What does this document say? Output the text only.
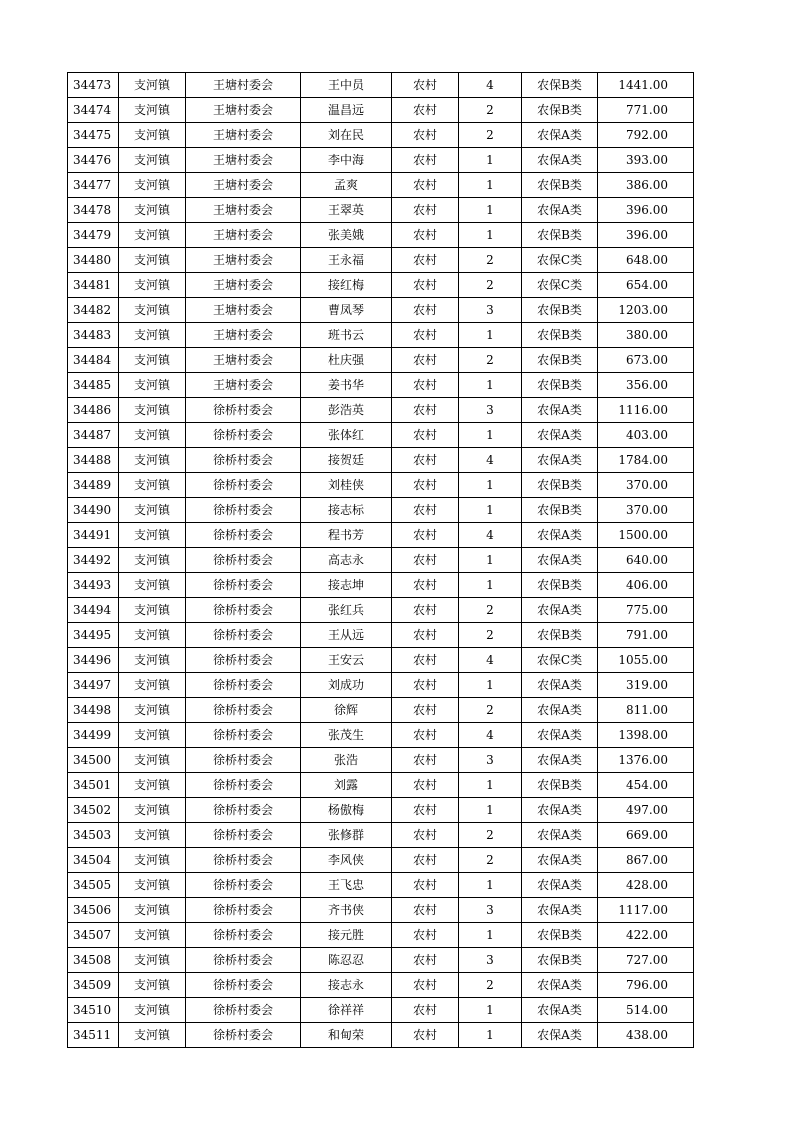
34473	支河镇	王塘村委会	王中员	农村	4	农保B类	1441.00
34474	支河镇	王塘村委会	温昌远	农村	2	农保B类	771.00
34475	支河镇	王塘村委会	刘在民	农村	2	农保A类	792.00
34476	支河镇	王塘村委会	李中海	农村	1	农保A类	393.00
34477	支河镇	王塘村委会	孟爽	农村	1	农保B类	386.00
34478	支河镇	王塘村委会	王翠英	农村	1	农保A类	396.00
34479	支河镇	王塘村委会	张美娥	农村	1	农保B类	396.00
34480	支河镇	王塘村委会	王永福	农村	2	农保C类	648.00
34481	支河镇	王塘村委会	接红梅	农村	2	农保C类	654.00
34482	支河镇	王塘村委会	曹凤琴	农村	3	农保B类	1203.00
34483	支河镇	王塘村委会	班书云	农村	1	农保B类	380.00
34484	支河镇	王塘村委会	杜庆强	农村	2	农保B类	673.00
34485	支河镇	王塘村委会	姜书华	农村	1	农保B类	356.00
34486	支河镇	徐桥村委会	彭浩英	农村	3	农保A类	1116.00
34487	支河镇	徐桥村委会	张体红	农村	1	农保A类	403.00
34488	支河镇	徐桥村委会	接贺廷	农村	4	农保A类	1784.00
34489	支河镇	徐桥村委会	刘桂侠	农村	1	农保B类	370.00
34490	支河镇	徐桥村委会	接志标	农村	1	农保B类	370.00
34491	支河镇	徐桥村委会	程书芳	农村	4	农保A类	1500.00
34492	支河镇	徐桥村委会	高志永	农村	1	农保A类	640.00
34493	支河镇	徐桥村委会	接志坤	农村	1	农保B类	406.00
34494	支河镇	徐桥村委会	张红兵	农村	2	农保A类	775.00
34495	支河镇	徐桥村委会	王从远	农村	2	农保B类	791.00
34496	支河镇	徐桥村委会	王安云	农村	4	农保C类	1055.00
34497	支河镇	徐桥村委会	刘成功	农村	1	农保A类	319.00
34498	支河镇	徐桥村委会	徐辉	农村	2	农保A类	811.00
34499	支河镇	徐桥村委会	张茂生	农村	4	农保A类	1398.00
34500	支河镇	徐桥村委会	张浩	农村	3	农保A类	1376.00
34501	支河镇	徐桥村委会	刘露	农村	1	农保B类	454.00
34502	支河镇	徐桥村委会	杨傲梅	农村	1	农保A类	497.00
34503	支河镇	徐桥村委会	张修群	农村	2	农保A类	669.00
34504	支河镇	徐桥村委会	李风侠	农村	2	农保A类	867.00
34505	支河镇	徐桥村委会	王飞忠	农村	1	农保A类	428.00
34506	支河镇	徐桥村委会	齐书侠	农村	3	农保A类	1117.00
34507	支河镇	徐桥村委会	接元胜	农村	1	农保B类	422.00
34508	支河镇	徐桥村委会	陈忍忍	农村	3	农保B类	727.00
34509	支河镇	徐桥村委会	接志永	农村	2	农保A类	796.00
34510	支河镇	徐桥村委会	徐祥祥	农村	1	农保A类	514.00
34511	支河镇	徐桥村委会	和甸荣	农村	1	农保A类	438.00
